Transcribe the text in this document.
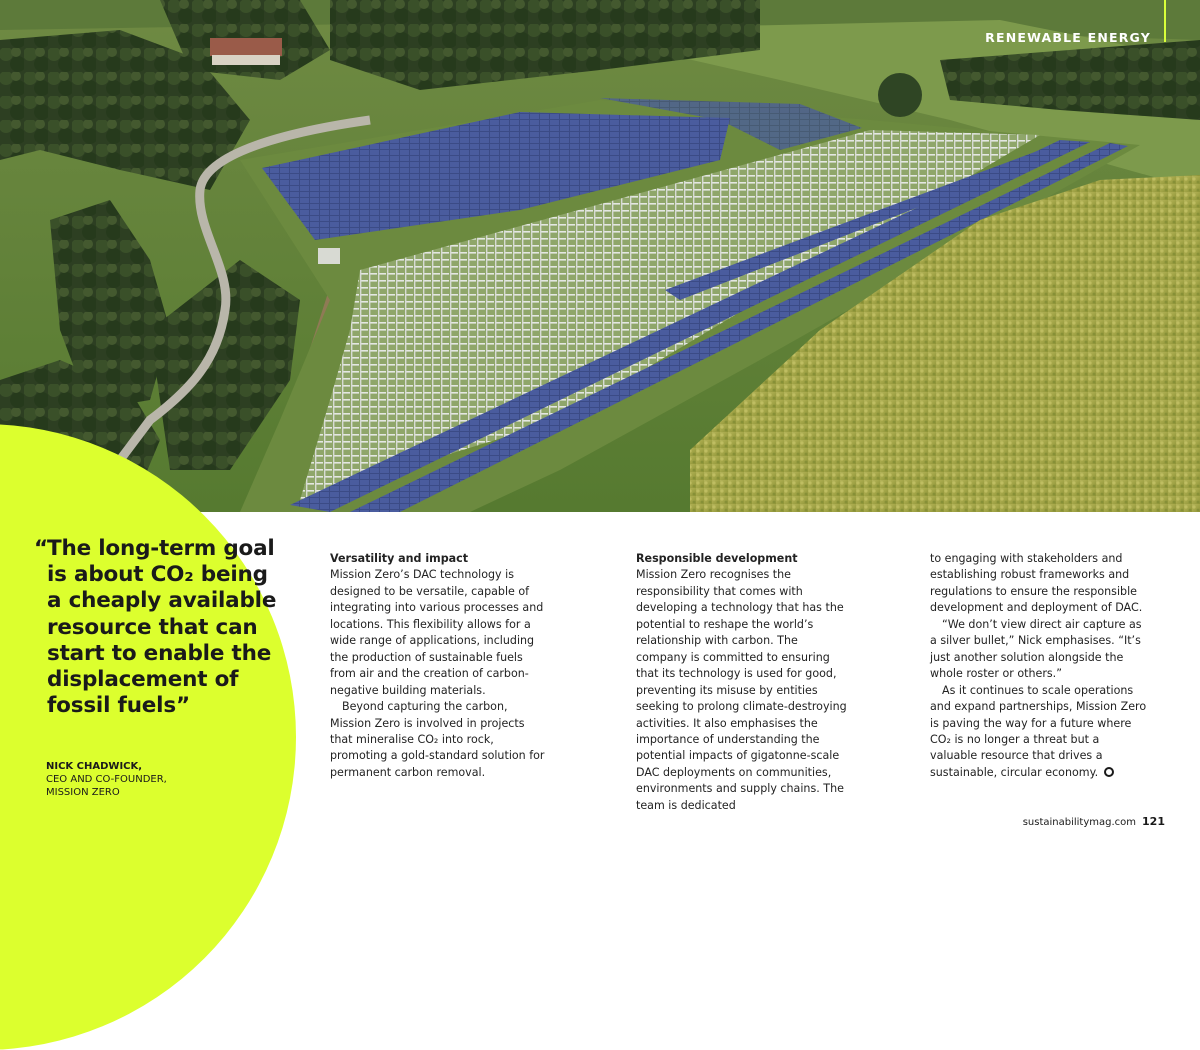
RENEWABLE ENERGY
“ The long-term goal is about CO₂ being a cheaply available resource that can start to enable the displacement of fossil fuels”
NICK CHADWICK,
CEO AND CO-FOUNDER,
MISSION ZERO
Versatility and impact

Mission Zero’s DAC technology is designed to be versatile, capable of integrating into various processes and locations. This flexibility allows for a wide range of applications, including the production of sustainable fuels from air and the creation of carbon-negative building materials.

Beyond capturing the carbon, Mission Zero is involved in projects that mineralise CO₂ into rock, promoting a gold-standard solution for permanent carbon removal.

Responsible development

Mission Zero recognises the responsibility that comes with developing a technology that has the potential to reshape the world’s relationship with carbon. The company is committed to ensuring that its technology is used for good, preventing its misuse by entities seeking to prolong climate-destroying activities. It also emphasises the importance of understanding the potential impacts of gigatonne-scale DAC deployments on communities, environments and supply chains. The team is dedicated

to engaging with stakeholders and establishing robust frameworks and regulations to ensure the responsible development and deployment of DAC.

“We don’t view direct air capture as a silver bullet,” Nick emphasises. “It’s just another solution alongside the whole roster or others.”

As it continues to scale operations and expand partnerships, Mission Zero is paving the way for a future where CO₂ is no longer a threat but a valuable resource that drives a sustainable, circular economy.

sustainabilitymag.com 121
